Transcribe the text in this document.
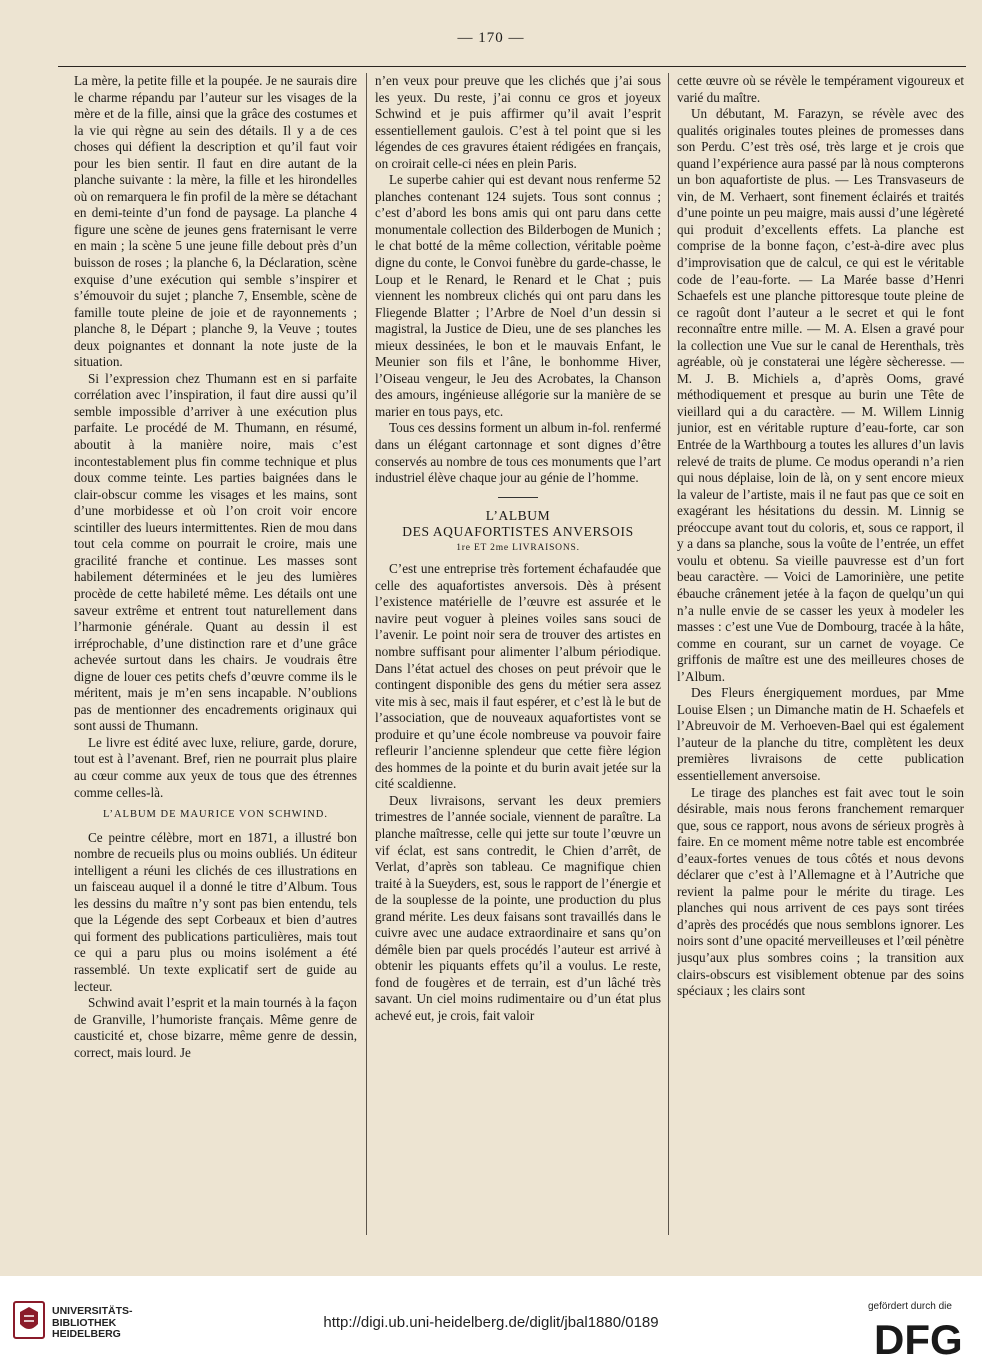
— 170 —

La mère, la petite fille et la poupée. Je ne saurais dire le charme répandu par l’auteur sur les visages de la mère et de la fille, ainsi que la grâce des costumes et la vie qui règne au sein des détails. Il y a de ces choses qui défient la description et qu’il faut voir pour les bien sentir. Il faut en dire autant de la planche suivante : la mère, la fille et les hirondelles où on remarquera le fin profil de la mère se détachant en demi-teinte d’un fond de paysage. La planche 4 figure une scène de jeunes gens fraternisant le verre en main ; la scène 5 une jeune fille debout près d’un buisson de roses ; la planche 6, la Déclaration, scène exquise d’une exécution qui semble s’inspirer et s’émouvoir du sujet ; planche 7, Ensemble, scène de famille toute pleine de joie et de rayonnements ; planche 8, le Départ ; planche 9, la Veuve ; toutes deux poignantes et donnant la note juste de la situation.

Si l’expression chez Thumann est en si parfaite corrélation avec l’inspiration, il faut dire aussi qu’il semble impossible d’arriver à une exécution plus parfaite. Le procédé de M. Thumann, en résumé, aboutit à la manière noire, mais c’est incontestablement plus fin comme technique et plus doux comme teinte. Les parties baignées dans le clair-obscur comme les visages et les mains, sont d’une morbidesse et où l’on croit voir encore scintiller des lueurs intermittentes. Rien de mou dans tout cela comme on pourrait le croire, mais une gracilité franche et continue. Les masses sont habilement déterminées et le jeu des lumières procède de cette habileté même. Les détails ont une saveur extrême et entrent tout naturellement dans l’harmonie générale. Quant au dessin il est irréprochable, d’une distinction rare et d’une grâce achevée surtout dans les chairs. Je voudrais être digne de louer ces petits chefs d’œuvre comme ils le méritent, mais je m’en sens incapable. N’oublions pas de mentionner des encadrements originaux qui sont aussi de Thumann.

Le livre est édité avec luxe, reliure, garde, dorure, tout est à l’avenant. Bref, rien ne pourrait plus plaire au cœur comme aux yeux de tous que des étrennes comme celles-là.

L’ALBUM DE MAURICE VON SCHWIND.

Ce peintre célèbre, mort en 1871, a illustré bon nombre de recueils plus ou moins oubliés. Un éditeur intelligent a réuni les clichés de ces illustrations en un faisceau auquel il a donné le titre d’Album. Tous les dessins du maître n’y sont pas bien entendu, tels que la Légende des sept Corbeaux et bien d’autres qui forment des publications particulières, mais tout ce qui a paru plus ou moins isolément a été rassemblé. Un texte explicatif sert de guide au lecteur.

Schwind avait l’esprit et la main tournés à la façon de Granville, l’humoriste français. Même genre de causticité et, chose bizarre, même genre de dessin, correct, mais lourd. Je

n’en veux pour preuve que les clichés que j’ai sous les yeux. Du reste, j’ai connu ce gros et joyeux Schwind et je puis affirmer qu’il avait l’esprit essentiellement gaulois. C’est à tel point que si les légendes de ces gravures étaient rédigées en français, on croirait celle-ci nées en plein Paris.

Le superbe cahier qui est devant nous renferme 52 planches contenant 124 sujets. Tous sont connus ; c’est d’abord les bons amis qui ont paru dans cette monumentale collection des Bilderbogen de Munich ; le chat botté de la même collection, véritable poème digne du conte, le Convoi funèbre du garde-chasse, le Loup et le Renard, le Renard et le Chat ; puis viennent les nombreux clichés qui ont paru dans les Fliegende Blatter ; l’Arbre de Noel d’un dessin si magistral, la Justice de Dieu, une de ses planches les mieux dessinées, le bon et le mauvais Enfant, le Meunier son fils et l’âne, le bonhomme Hiver, l’Oiseau vengeur, le Jeu des Acrobates, la Chanson des amours, ingénieuse allégorie sur la manière de se marier en tous pays, etc.

Tous ces dessins forment un album in-fol. renfermé dans un élégant cartonnage et sont dignes d’être conservés au nombre de tous ces monuments que l’art industriel élève chaque jour au génie de l’homme.

L’ALBUM
DES AQUAFORTISTES ANVERSOIS
1re ET 2me LIVRAISONS.

C’est une entreprise très fortement échafaudée que celle des aquafortistes anversois. Dès à présent l’existence matérielle de l’œuvre est assurée et le navire peut voguer à pleines voiles sans souci de l’avenir. Le point noir sera de trouver des artistes en nombre suffisant pour alimenter l’album périodique. Dans l’état actuel des choses on peut prévoir que le contingent disponible des gens du métier sera assez vite mis à sec, mais il faut espérer, et c’est là le but de l’association, que de nouveaux aquafortistes vont se produire et qu’une école nombreuse va pouvoir faire refleurir l’ancienne splendeur que cette fière légion des hommes de la pointe et du burin avait jetée sur la cité scaldienne.

Deux livraisons, servant les deux premiers trimestres de l’année sociale, viennent de paraître. La planche maîtresse, celle qui jette sur toute l’œuvre un vif éclat, est sans contredit, le Chien d’arrêt, de Verlat, d’après son tableau. Ce magnifique chien traité à la Sueyders, est, sous le rapport de l’énergie et de la souplesse de la pointe, une production du plus grand mérite. Les deux faisans sont travaillés dans le cuivre avec une audace extraordinaire et sans qu’on démêle bien par quels procédés l’auteur est arrivé à obtenir les piquants effets qu’il a voulus. Le reste, fond de fougères et de terrain, est d’un lâché très savant. Un ciel moins rudimentaire ou d’un état plus achevé eut, je crois, fait valoir

cette œuvre où se révèle le tempérament vigoureux et varié du maître.

Un débutant, M. Farazyn, se révèle avec des qualités originales toutes pleines de promesses dans son Perdu. C’est très osé, très large et je crois que quand l’expérience aura passé par là nous compterons un bon aquafortiste de plus. — Les Transvaseurs de vin, de M. Verhaert, sont finement éclairés et traités d’une pointe un peu maigre, mais aussi d’une légèreté qui produit d’excellents effets. La planche est comprise de la bonne façon, c’est-à-dire avec plus d’improvisation que de calcul, ce qui est le véritable code de l’eau-forte. — La Marée basse d’Henri Schaefels est une planche pittoresque toute pleine de ce ragoût dont l’auteur a le secret et qui le font reconnaître entre mille. — M. A. Elsen a gravé pour la collection une Vue sur le canal de Herenthals, très agréable, où je constaterai une légère sècheresse. — M. J. B. Michiels a, d’après Ooms, gravé méthodiquement et presque au burin une Tête de vieillard qui a du caractère. — M. Willem Linnig junior, est en véritable rupture d’eau-forte, car son Entrée de la Warthbourg a toutes les allures d’un lavis relevé de traits de plume. Ce modus operandi n’a rien qui nous déplaise, loin de là, on y sent encore mieux la valeur de l’artiste, mais il ne faut pas que ce soit en exagérant les hésitations du dessin. M. Linnig se préoccupe avant tout du coloris, et, sous ce rapport, il y a dans sa planche, sous la voûte de l’entrée, un effet voulu et obtenu. Sa vieille pauvresse est d’un fort beau caractère. — Voici de Lamorinière, une petite ébauche crânement jetée à la façon de quelqu’un qui n’a nulle envie de se casser les yeux à modeler les masses : c’est une Vue de Dombourg, tracée à la hâte, comme en courant, sur un carnet de voyage. Ce griffonis de maître est une des meilleures choses de l’Album.

Des Fleurs énergiquement mordues, par Mme Louise Elsen ; un Dimanche matin de H. Schaefels et l’Abreuvoir de M. Verhoeven-Bael qui est également l’auteur de la planche du titre, complètent les deux premières livraisons de cette publication essentiellement anversoise.

Le tirage des planches est fait avec tout le soin désirable, mais nous ferons franchement remarquer que, sous ce rapport, nous avons de sérieux progrès à faire. En ce moment même notre table est encombrée d’eaux-fortes venues de tous côtés et nous devons déclarer que c’est à l’Allemagne et à l’Autriche que revient la palme pour le mérite du tirage. Les planches qui nous arrivent de ces pays sont tirées d’après des procédés que nous semblons ignorer. Les noirs sont d’une opacité merveilleuses et l’œil pénètre jusqu’aux plus sombres coins ; la transition aux clairs-obscurs est visiblement obtenue par des soins spéciaux ; les clairs sont

UNIVERSITÄTS-
BIBLIOTHEK
HEIDELBERG
http://digi.ub.uni-heidelberg.de/diglit/jbal1880/0189
gefördert durch die
DFG
